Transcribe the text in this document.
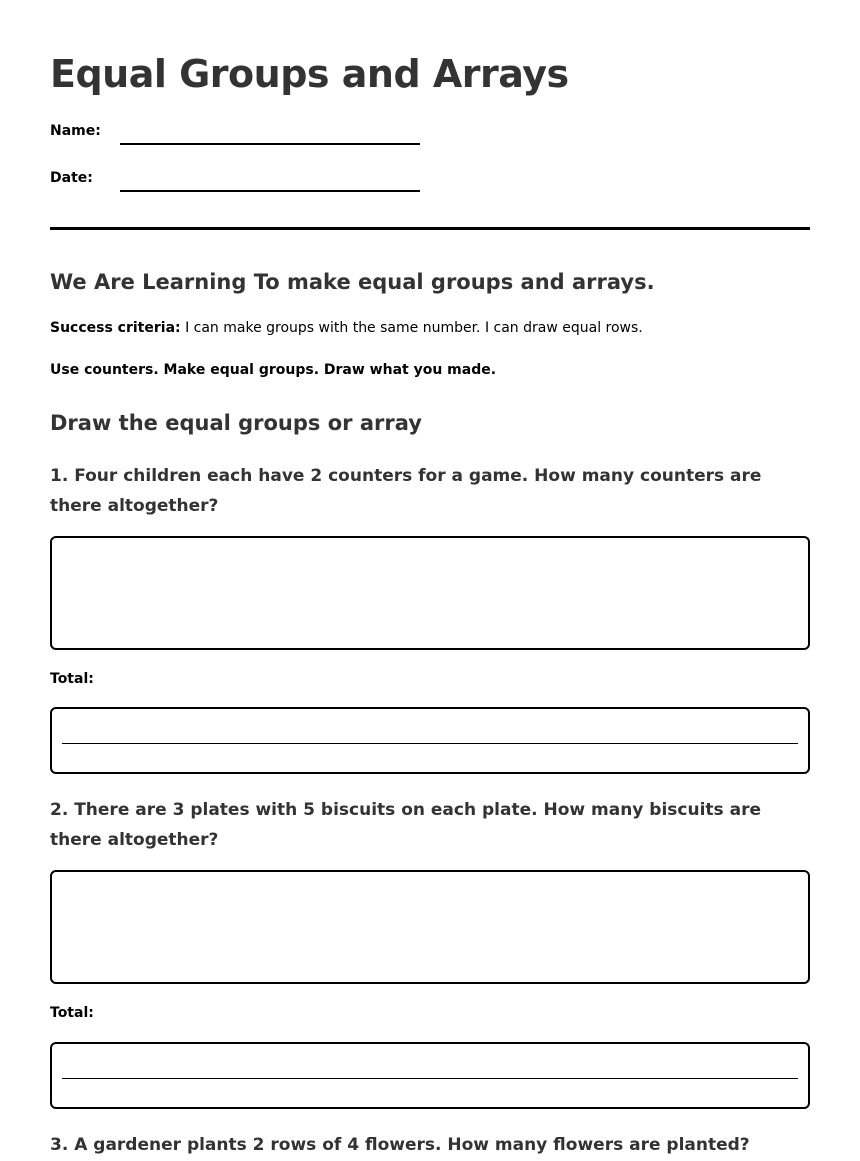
Equal Groups and Arrays
Name:
Date:
We Are Learning To make equal groups and arrays.
Success criteria: I can make groups with the same number. I can draw equal rows.
Use counters. Make equal groups. Draw what you made.
Draw the equal groups or array
1. Four children each have 2 counters for a game. How many counters are there altogether?
Total:
2. There are 3 plates with 5 biscuits on each plate. How many biscuits are there altogether?
Total:
3. A gardener plants 2 rows of 4 flowers. How many flowers are planted?
